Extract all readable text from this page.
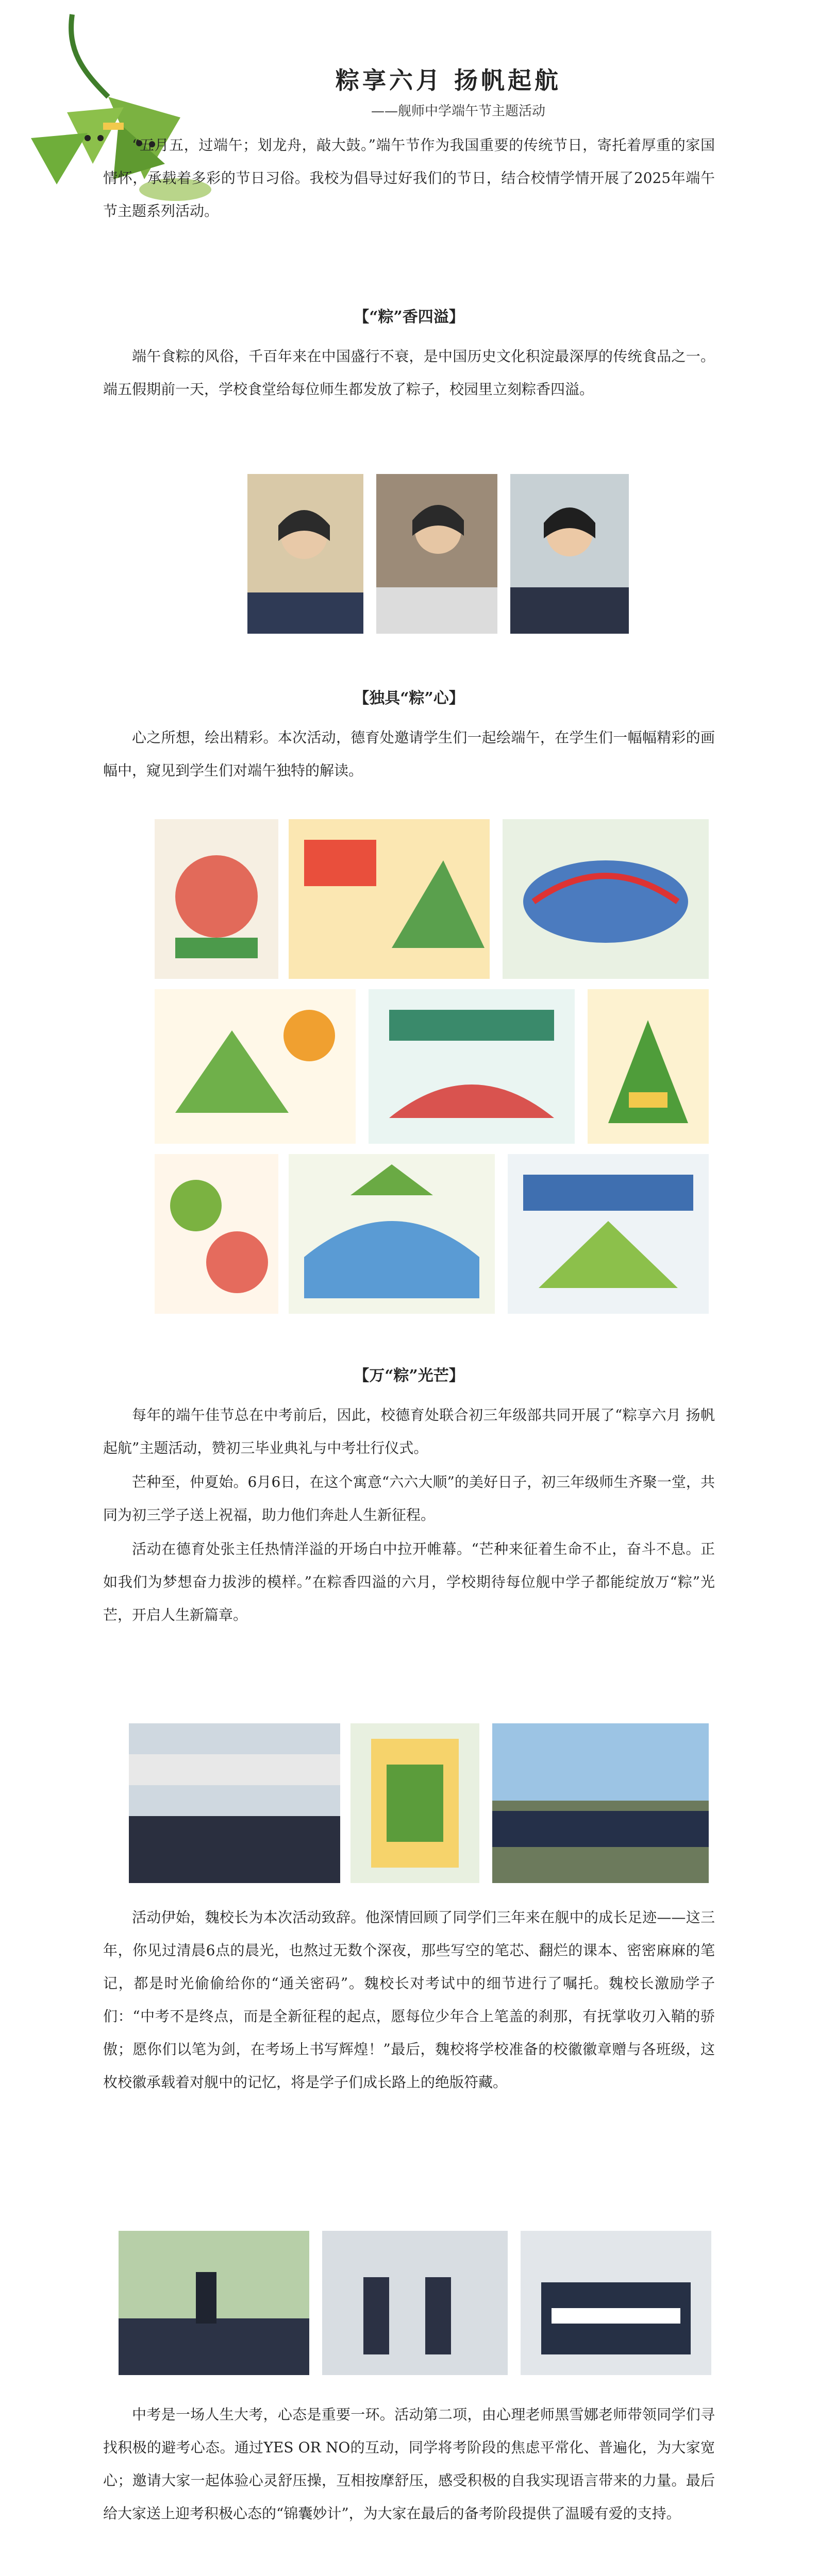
粽享六月 扬帆起航
——舰师中学端午节主题活动

“五月五，过端午；划龙舟，敲大鼓。”端午节作为我国重要的传统节日，寄托着厚重的家国情怀，承载着多彩的节日习俗。我校为倡导过好我们的节日，结合校情学情开展了2025年端午节主题系列活动。

【“粽”香四溢】

端午食粽的风俗，千百年来在中国盛行不衰，是中国历史文化积淀最深厚的传统食品之一。端五假期前一天，学校食堂给每位师生都发放了粽子，校园里立刻粽香四溢。

【独具“粽”心】

心之所想，绘出精彩。本次活动，德育处邀请学生们一起绘端午，在学生们一幅幅精彩的画幅中，窥见到学生们对端午独特的解读。

【万“粽”光芒】

每年的端午佳节总在中考前后，因此，校德育处联合初三年级部共同开展了“粽享六月 扬帆起航”主题活动，赞初三毕业典礼与中考壮行仪式。

芒种至，仲夏始。6月6日，在这个寓意“六六大顺”的美好日子，初三年级师生齐聚一堂，共同为初三学子送上祝福，助力他们奔赴人生新征程。

活动在德育处张主任热情洋溢的开场白中拉开帷幕。“芒种来征着生命不止，奋斗不息。正如我们为梦想奋力拔涉的模样。”在粽香四溢的六月，学校期待每位舰中学子都能绽放万“粽”光芒，开启人生新篇章。

活动伊始，魏校长为本次活动致辞。他深情回顾了同学们三年来在舰中的成长足迹——这三年，你见过清晨6点的晨光，也熬过无数个深夜，那些写空的笔芯、翻烂的课本、密密麻麻的笔记，都是时光偷偷给你的“通关密码”。魏校长对考试中的细节进行了嘱托。魏校长激励学子们：“中考不是终点，而是全新征程的起点，愿每位少年合上笔盖的刹那，有抚掌收刃入鞘的骄傲；愿你们以笔为剑，在考场上书写辉煌！”最后，魏校将学校准备的校徽徽章赠与各班级，这枚校徽承载着对舰中的记忆，将是学子们成长路上的绝版符藏。

中考是一场人生大考，心态是重要一环。活动第二项，由心理老师黑雪娜老师带领同学们寻找积极的避考心态。通过YES OR NO的互动，同学将考阶段的焦虑平常化、普遍化，为大家宽心；邀请大家一起体验心灵舒压操，互相按摩舒压，感受积极的自我实现语言带来的力量。最后给大家送上迎考积极心态的“锦囊妙计”，为大家在最后的备考阶段提供了温暖有爱的支持。
